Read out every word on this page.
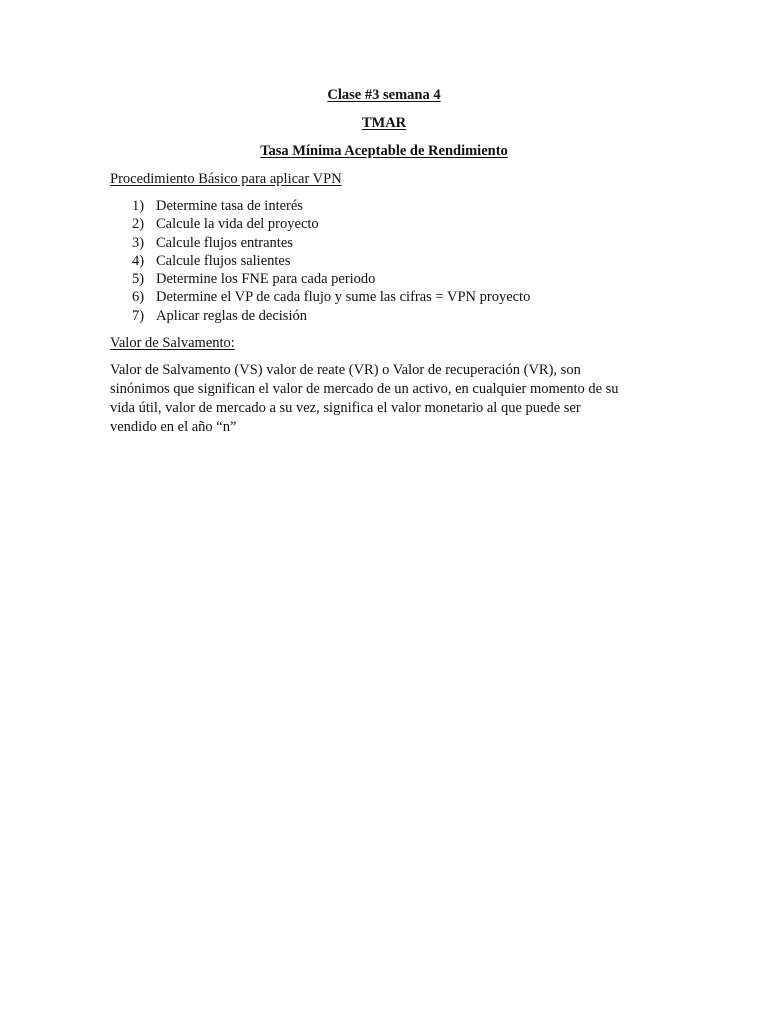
Clase #3 semana 4

TMAR

Tasa Mínima Aceptable de Rendimiento

Procedimiento Básico para aplicar VPN

1) Determine tasa de interés
2) Calcule la vida del proyecto
3) Calcule flujos entrantes
4) Calcule flujos salientes
5) Determine los FNE para cada periodo
6) Determine el VP de cada flujo y sume las cifras = VPN proyecto
7) Aplicar reglas de decisión

Valor de Salvamento:

Valor de Salvamento (VS) valor de reate (VR) o Valor de recuperación (VR), son
sinónimos que significan el valor de mercado de un activo, en cualquier momento de su
vida útil, valor de mercado a su vez, significa el valor monetario al que puede ser
vendido en el año “n”
